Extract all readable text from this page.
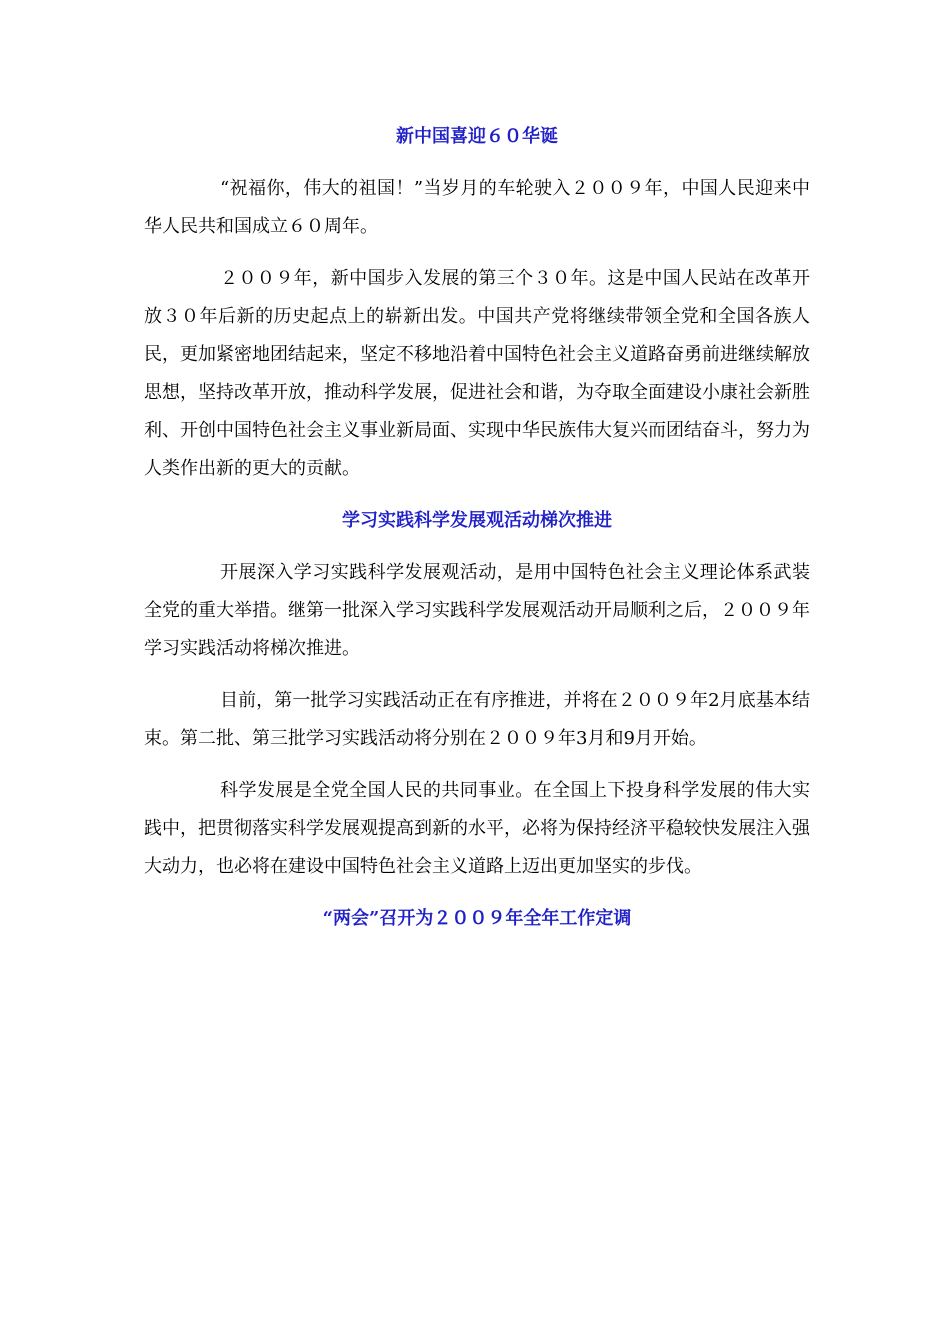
新中国喜迎６０华诞

“祝福你，伟大的祖国！”当岁月的车轮驶入２００９年，中国人民迎来中华人民共和国成立６０周年。

２００９年，新中国步入发展的第三个３０年。这是中国人民站在改革开放３０年后新的历史起点上的崭新出发。中国共产党将继续带领全党和全国各族人民，更加紧密地团结起来，坚定不移地沿着中国特色社会主义道路奋勇前进继续解放思想，坚持改革开放，推动科学发展，促进社会和谐，为夺取全面建设小康社会新胜利、开创中国特色社会主义事业新局面、实现中华民族伟大复兴而团结奋斗，努力为人类作出新的更大的贡献。

学习实践科学发展观活动梯次推进

开展深入学习实践科学发展观活动，是用中国特色社会主义理论体系武装全党的重大举措。继第一批深入学习实践科学发展观活动开局顺利之后，２００９年学习实践活动将梯次推进。

目前，第一批学习实践活动正在有序推进，并将在２００９年2月底基本结束。第二批、第三批学习实践活动将分别在２００９年3月和9月开始。

科学发展是全党全国人民的共同事业。在全国上下投身科学发展的伟大实践中，把贯彻落实科学发展观提高到新的水平，必将为保持经济平稳较快发展注入强大动力，也必将在建设中国特色社会主义道路上迈出更加坚实的步伐。

“两会”召开为２００９年全年工作定调
